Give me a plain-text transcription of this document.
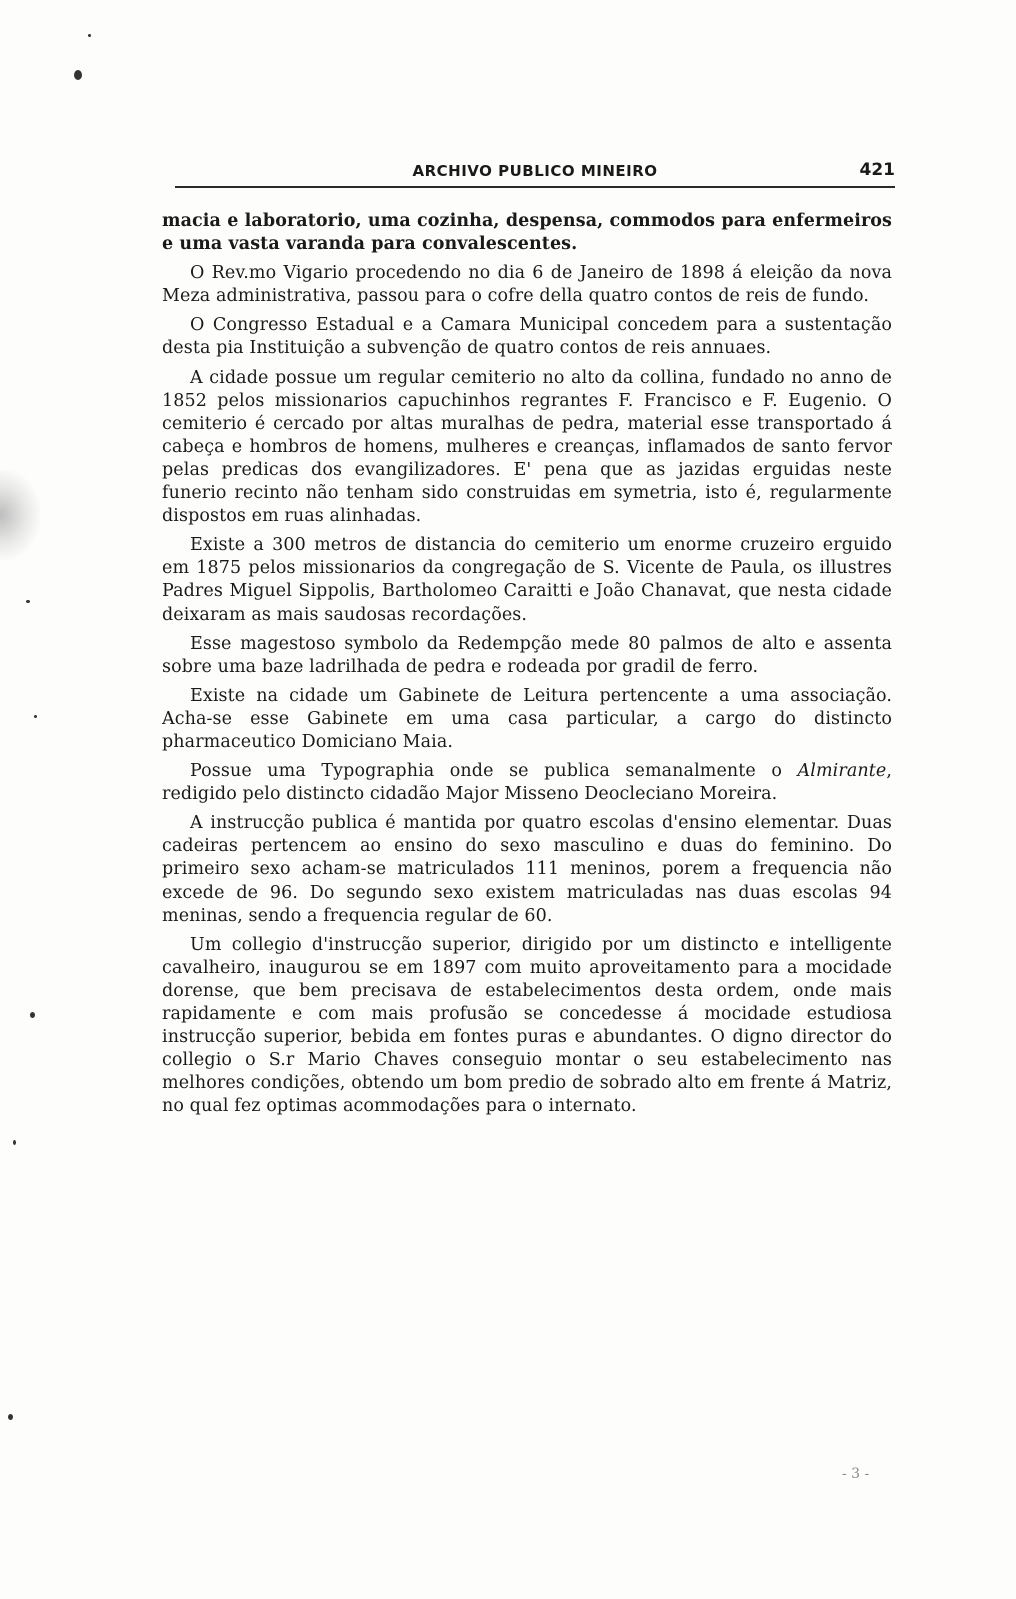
ARCHIVO PUBLICO MINEIRO	421

macia e laboratorio, uma cozinha, despensa, commodos para enfermeiros e uma vasta varanda para convalescentes.

O Rev.mo Vigario procedendo no dia 6 de Janeiro de 1898 á eleição da nova Meza administrativa, passou para o cofre della quatro contos de reis de fundo.

O Congresso Estadual e a Camara Municipal concedem para a sustentação desta pia Instituição a subvenção de quatro contos de reis annuaes.

A cidade possue um regular cemiterio no alto da collina, fundado no anno de 1852 pelos missionarios capuchinhos regrantes F. Francisco e F. Eugenio. O cemiterio é cercado por altas muralhas de pedra, material esse transportado á cabeça e hombros de homens, mulheres e creanças, inflamados de santo fervor pelas predicas dos evangilizadores. E' pena que as jazidas erguidas neste funerio recinto não tenham sido construidas em symetria, isto é, regularmente dispostos em ruas alinhadas.

Existe a 300 metros de distancia do cemiterio um enorme cruzeiro erguido em 1875 pelos missionarios da congregação de S. Vicente de Paula, os illustres Padres Miguel Sippolis, Bartholomeo Caraitti e João Chanavat, que nesta cidade deixaram as mais saudosas recordações.

Esse magestoso symbolo da Redempção mede 80 palmos de alto e assenta sobre uma baze ladrilhada de pedra e rodeada por gradil de ferro.

Existe na cidade um Gabinete de Leitura pertencente a uma associação. Acha-se esse Gabinete em uma casa particular, a cargo do distincto pharmaceutico Domiciano Maia.

Possue uma Typographia onde se publica semanalmente o Almirante, redigido pelo distincto cidadão Major Misseno Deocleciano Moreira.

A instrucção publica é mantida por quatro escolas d'ensino elementar. Duas cadeiras pertencem ao ensino do sexo masculino e duas do feminino. Do primeiro sexo acham-se matriculados 111 meninos, porem a frequencia não excede de 96. Do segundo sexo existem matriculadas nas duas escolas 94 meninas, sendo a frequencia regular de 60.

Um collegio d'instrucção superior, dirigido por um distincto e intelligente cavalheiro, inaugurou se em 1897 com muito aproveitamento para a mocidade dorense, que bem precisava de estabelecimentos desta ordem, onde mais rapidamente e com mais profusão se concedesse á mocidade estudiosa instrucção superior, bebida em fontes puras e abundantes. O digno director do collegio o S.r Mario Chaves conseguio montar o seu estabelecimento nas melhores condições, obtendo um bom predio de sobrado alto em frente á Matriz, no qual fez optimas acommodações para o internato.

- 3 -
